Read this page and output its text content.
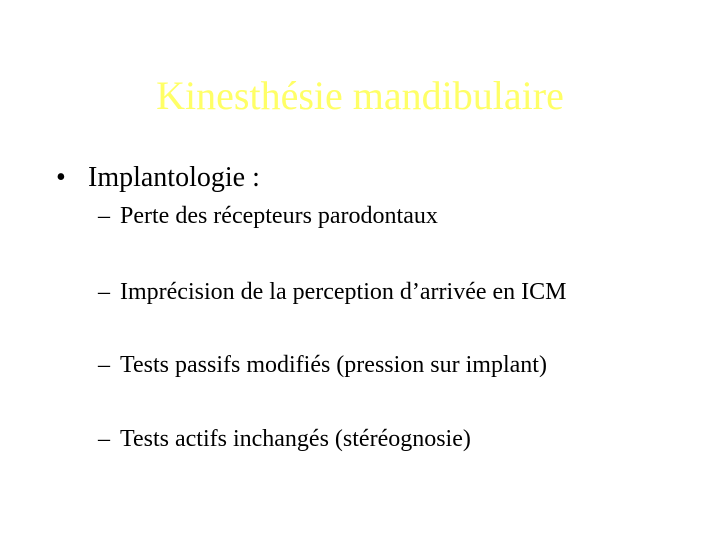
Kinesthésie mandibulaire
• Implantologie :
– Perte des récepteurs parodontaux
– Imprécision de la perception d’arrivée en ICM
– Tests passifs modifiés (pression sur implant)
– Tests actifs inchangés (stéréognosie)
